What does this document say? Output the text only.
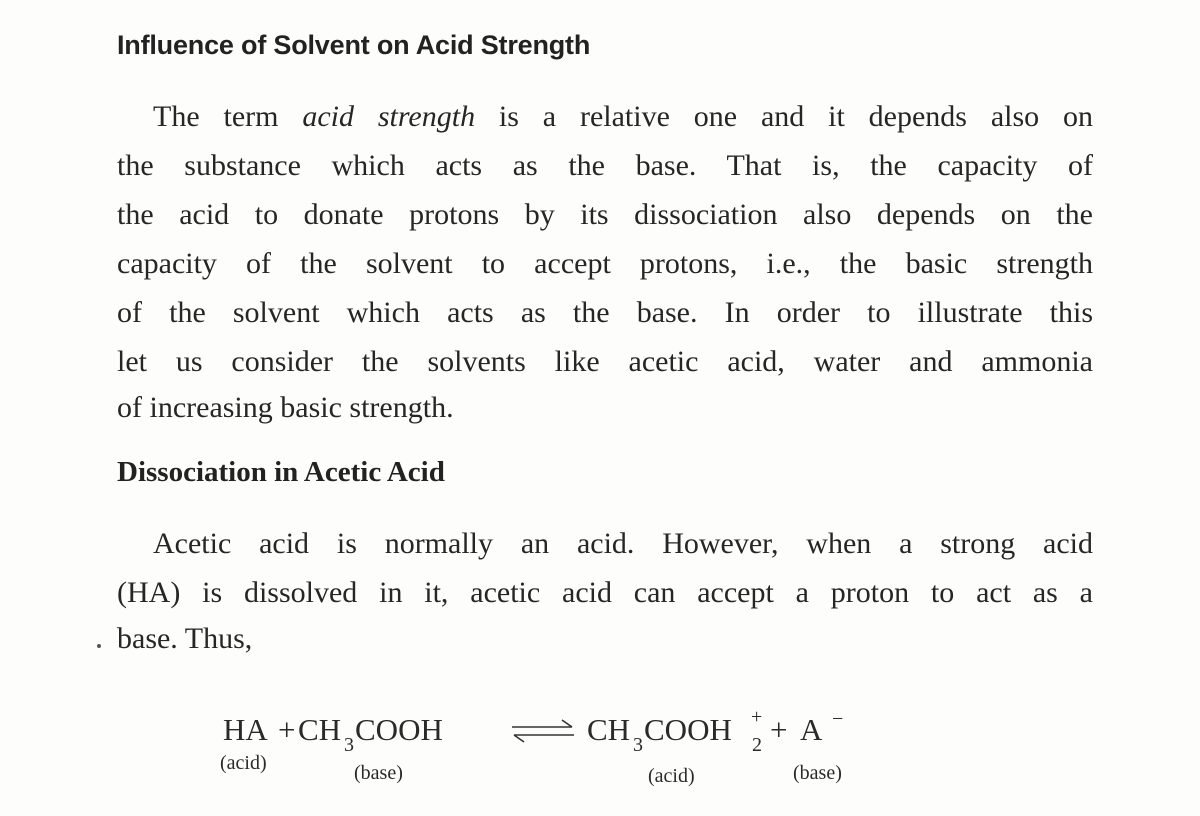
Influence of Solvent on Acid Strength
The term acid strength is a relative one and it depends also on
the substance which acts as the base. That is, the capacity of
the acid to donate protons by its dissociation also depends on the
capacity of the solvent to accept protons, i.e., the basic strength
of the solvent which acts as the base. In order to illustrate this
let us consider the solvents like acetic acid, water and ammonia
of increasing basic strength.
Dissociation in Acetic Acid
Acetic acid is normally an acid. However, when a strong acid
(HA) is dissolved in it, acetic acid can accept a proton to act as a
base. Thus,
HA + CH 3 COOH	CH 3 COOH +
2 + A −
(acid)	(base)	(acid)	(base)
